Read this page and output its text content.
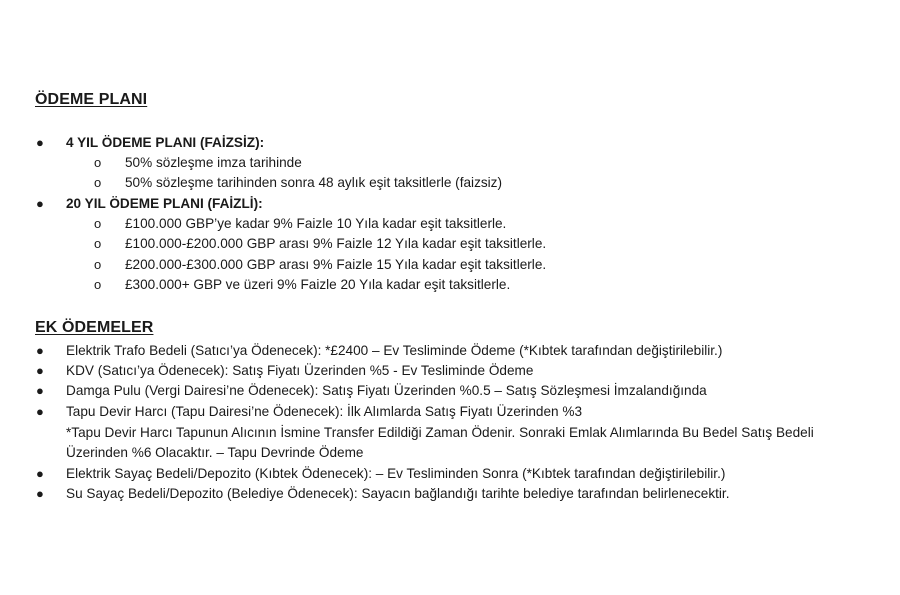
ÖDEME PLANI
●	4 YIL ÖDEME PLANI (FAİZSİZ):
o 50% sözleşme imza tarihinde
o 50% sözleşme tarihinden sonra 48 aylık eşit taksitlerle (faizsiz)
●	20 YIL ÖDEME PLANI (FAİZLİ):
o £100.000 GBP’ye kadar 9% Faizle 10 Yıla kadar eşit taksitlerle.
o £100.000-£200.000 GBP arası 9% Faizle 12 Yıla kadar eşit taksitlerle.
o £200.000-£300.000 GBP arası 9% Faizle 15 Yıla kadar eşit taksitlerle.
o £300.000+ GBP ve üzeri 9% Faizle 20 Yıla kadar eşit taksitlerle.
EK ÖDEMELER
●	Elektrik Trafo Bedeli (Satıcı’ya Ödenecek): *£2400 – Ev Tesliminde Ödeme (*Kıbtek tarafından değiştirilebilir.)
●	KDV (Satıcı’ya Ödenecek): Satış Fiyatı Üzerinden %5 - Ev Tesliminde Ödeme
●	Damga Pulu (Vergi Dairesi’ne Ödenecek): Satış Fiyatı Üzerinden %0.5 – Satış Sözleşmesi İmzalandığında
●	Tapu Devir Harcı (Tapu Dairesi’ne Ödenecek): İlk Alımlarda Satış Fiyatı Üzerinden %3
*Tapu Devir Harcı Tapunun Alıcının İsmine Transfer Edildiği Zaman Ödenir. Sonraki Emlak Alımlarında Bu Bedel Satış Bedeli
Üzerinden %6 Olacaktır. – Tapu Devrinde Ödeme
●	Elektrik Sayaç Bedeli/Depozito (Kıbtek Ödenecek): – Ev Tesliminden Sonra (*Kıbtek tarafından değiştirilebilir.)
●	Su Sayaç Bedeli/Depozito (Belediye Ödenecek): Sayacın bağlandığı tarihte belediye tarafından belirlenecektir.
